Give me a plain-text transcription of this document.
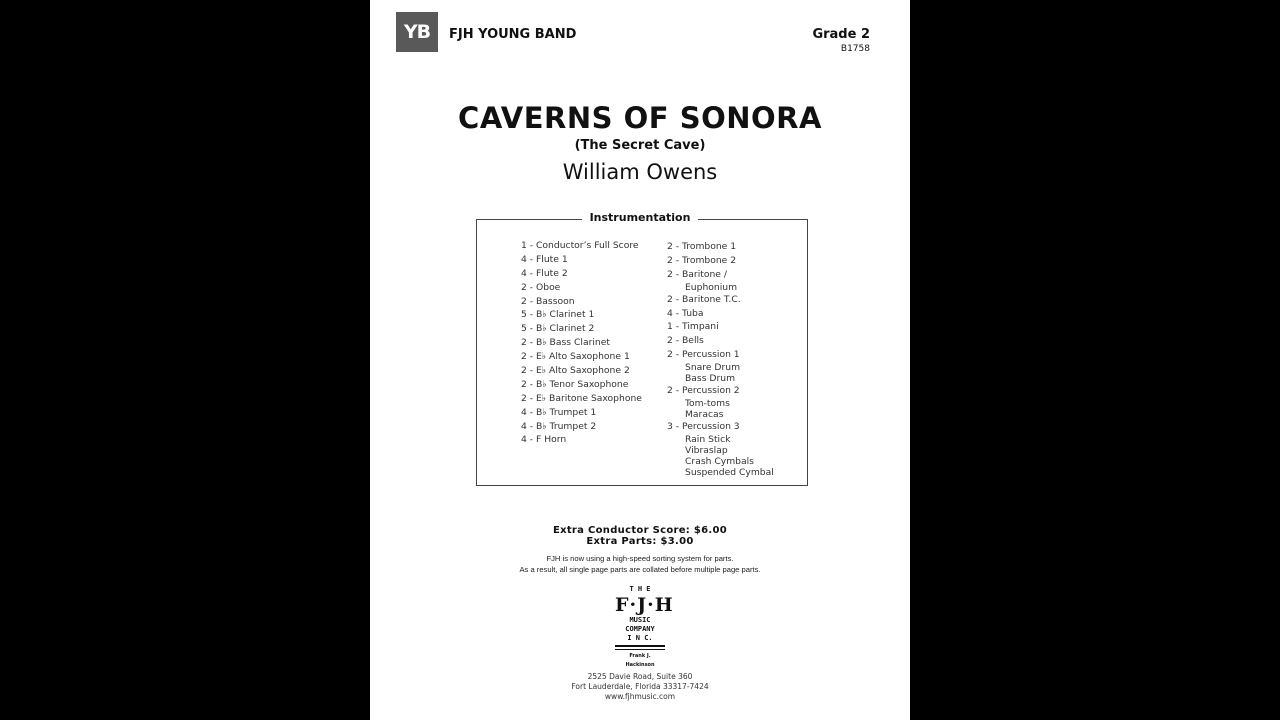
YB	FJH YOUNG BAND	Grade 2
B1758
CAVERNS OF SONORA
(The Secret Cave)
William Owens
Instrumentation
1 - Conductor’s Full Score
4 - Flute 1
4 - Flute 2
2 - Oboe
2 - Bassoon
5 - B♭ Clarinet 1
5 - B♭ Clarinet 2
2 - B♭ Bass Clarinet
2 - E♭ Alto Saxophone 1
2 - E♭ Alto Saxophone 2
2 - B♭ Tenor Saxophone
2 - E♭ Baritone Saxophone
4 - B♭ Trumpet 1
4 - B♭ Trumpet 2
4 - F Horn
2 - Trombone 1
2 - Trombone 2
2 - Baritone /
Euphonium
2 - Baritone T.C.
4 - Tuba
1 - Timpani
2 - Bells
2 - Percussion 1
Snare Drum
Bass Drum
2 - Percussion 2
Tom-toms
Maracas
3 - Percussion 3
Rain Stick
Vibraslap
Crash Cymbals
Suspended Cymbal
Extra Conductor Score: $6.00
Extra Parts: $3.00
FJH is now using a high-speed sorting system for parts.
As a result, all single page parts are collated before multiple page parts.
T H E
F·J·H
MUSIC
COMPANY
I N C.
Frank J. Hackinson
2525 Davie Road, Suite 360
Fort Lauderdale, Florida 33317-7424
www.fjhmusic.com
